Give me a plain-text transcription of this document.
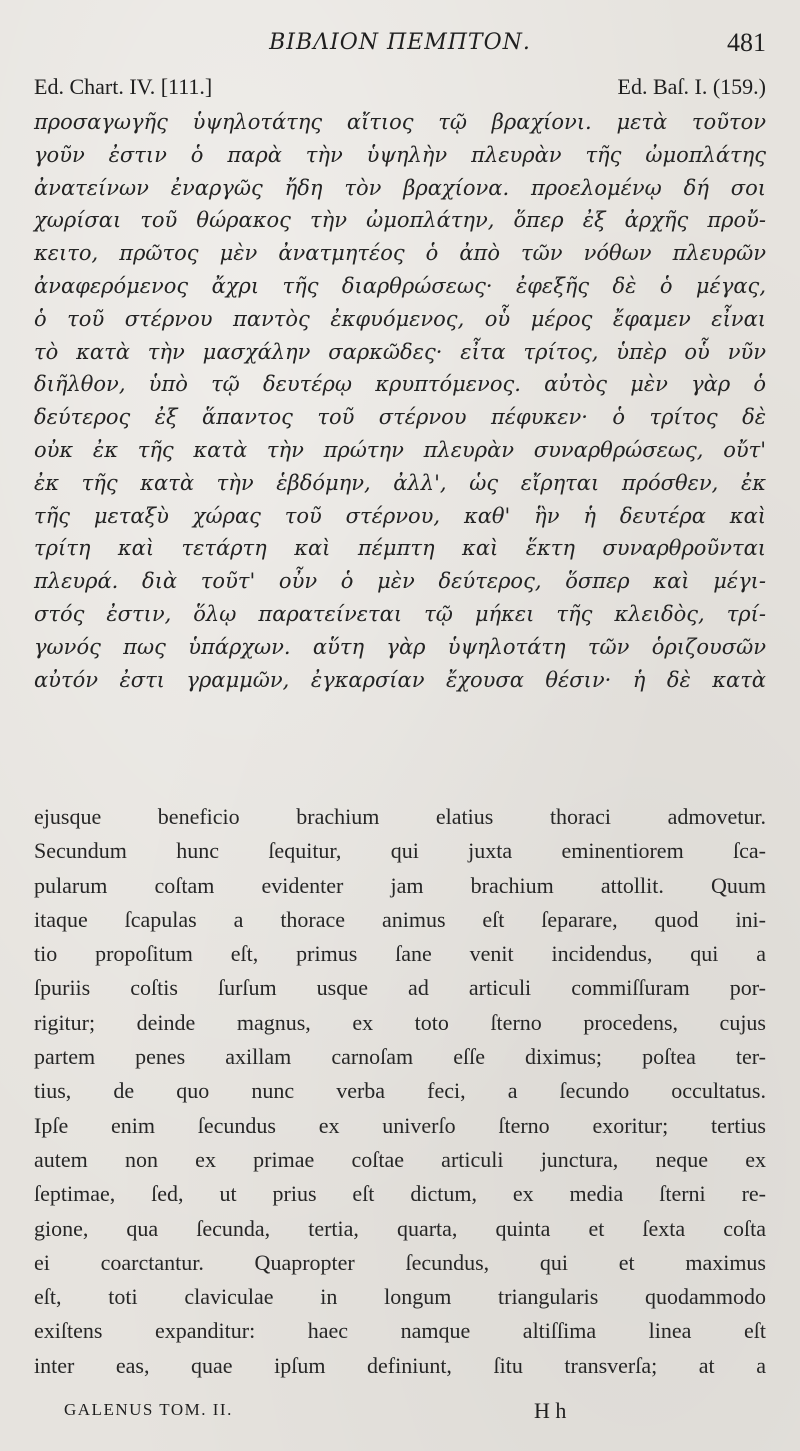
ΒΙΒΛΙΟΝ ΠΕΜΠΤΟΝ.	481
Ed. Chart. IV. [111.]	Ed. Baſ. I. (159.)
προσαγωγῆς ὑψηλοτάτης αἴτιος τῷ βραχίονι. μετὰ τοῦτον
γοῦν ἐστιν ὁ παρὰ τὴν ὑψηλὴν πλευρὰν τῆς ὠμοπλάτης
ἀνατείνων ἐναργῶς ἤδη τὸν βραχίονα. προελομένῳ δή σοι
χωρίσαι τοῦ θώρακος τὴν ὠμοπλάτην, ὅπερ ἐξ ἀρχῆς προὔ-
κειτο, πρῶτος μὲν ἀνατμητέος ὁ ἀπὸ τῶν νόθων πλευρῶν
ἀναφερόμενος ἄχρι τῆς διαρθρώσεως· ἐφεξῆς δὲ ὁ μέγας,
ὁ τοῦ στέρνου παντὸς ἐκφυόμενος, οὗ μέρος ἔφαμεν εἶναι
τὸ κατὰ τὴν μασχάλην σαρκῶδες· εἶτα τρίτος, ὑπὲρ οὗ νῦν
διῆλθον, ὑπὸ τῷ δευτέρῳ κρυπτόμενος. αὐτὸς μὲν γὰρ ὁ
δεύτερος ἐξ ἅπαντος τοῦ στέρνου πέφυκεν· ὁ τρίτος δὲ
οὐκ ἐκ τῆς κατὰ τὴν πρώτην πλευρὰν συναρθρώσεως, οὔτ'
ἐκ τῆς κατὰ τὴν ἑβδόμην, ἀλλ', ὡς εἴρηται πρόσθεν, ἐκ
τῆς μεταξὺ χώρας τοῦ στέρνου, καθ' ἣν ἡ δευτέρα καὶ
τρίτη καὶ τετάρτη καὶ πέμπτη καὶ ἕκτη συναρθροῦνται
πλευρά. διὰ τοῦτ' οὖν ὁ μὲν δεύτερος, ὅσπερ καὶ μέγι-
στός ἐστιν, ὅλῳ παρατείνεται τῷ μήκει τῆς κλειδὸς, τρί-
γωνός πως ὑπάρχων. αὕτη γὰρ ὑψηλοτάτη τῶν ὁριζουσῶν
αὐτόν ἐστι γραμμῶν, ἐγκαρσίαν ἔχουσα θέσιν· ἡ δὲ κατὰ
ejusque beneficio brachium elatius thoraci admovetur.
Secundum hunc ſequitur, qui juxta eminentiorem ſca-
pularum coſtam evidenter jam brachium attollit. Quum
itaque ſcapulas a thorace animus eſt ſeparare, quod ini-
tio propoſitum eſt, primus ſane venit incidendus, qui a
ſpuriis coſtis ſurſum usque ad articuli commiſſuram por-
rigitur; deinde magnus, ex toto ſterno procedens, cujus
partem penes axillam carnoſam eſſe diximus; poſtea ter-
tius, de quo nunc verba feci, a ſecundo occultatus.
Ipſe enim ſecundus ex univerſo ſterno exoritur; tertius
autem non ex primae coſtae articuli junctura, neque ex
ſeptimae, ſed, ut prius eſt dictum, ex media ſterni re-
gione, qua ſecunda, tertia, quarta, quinta et ſexta coſta
ei coarctantur. Quapropter ſecundus, qui et maximus
eſt, toti claviculae in longum triangularis quodammodo
exiſtens expanditur: haec namque altiſſima linea eſt
inter eas, quae ipſum definiunt, ſitu transverſa; at a
GALENUS TOM. II.	H h
